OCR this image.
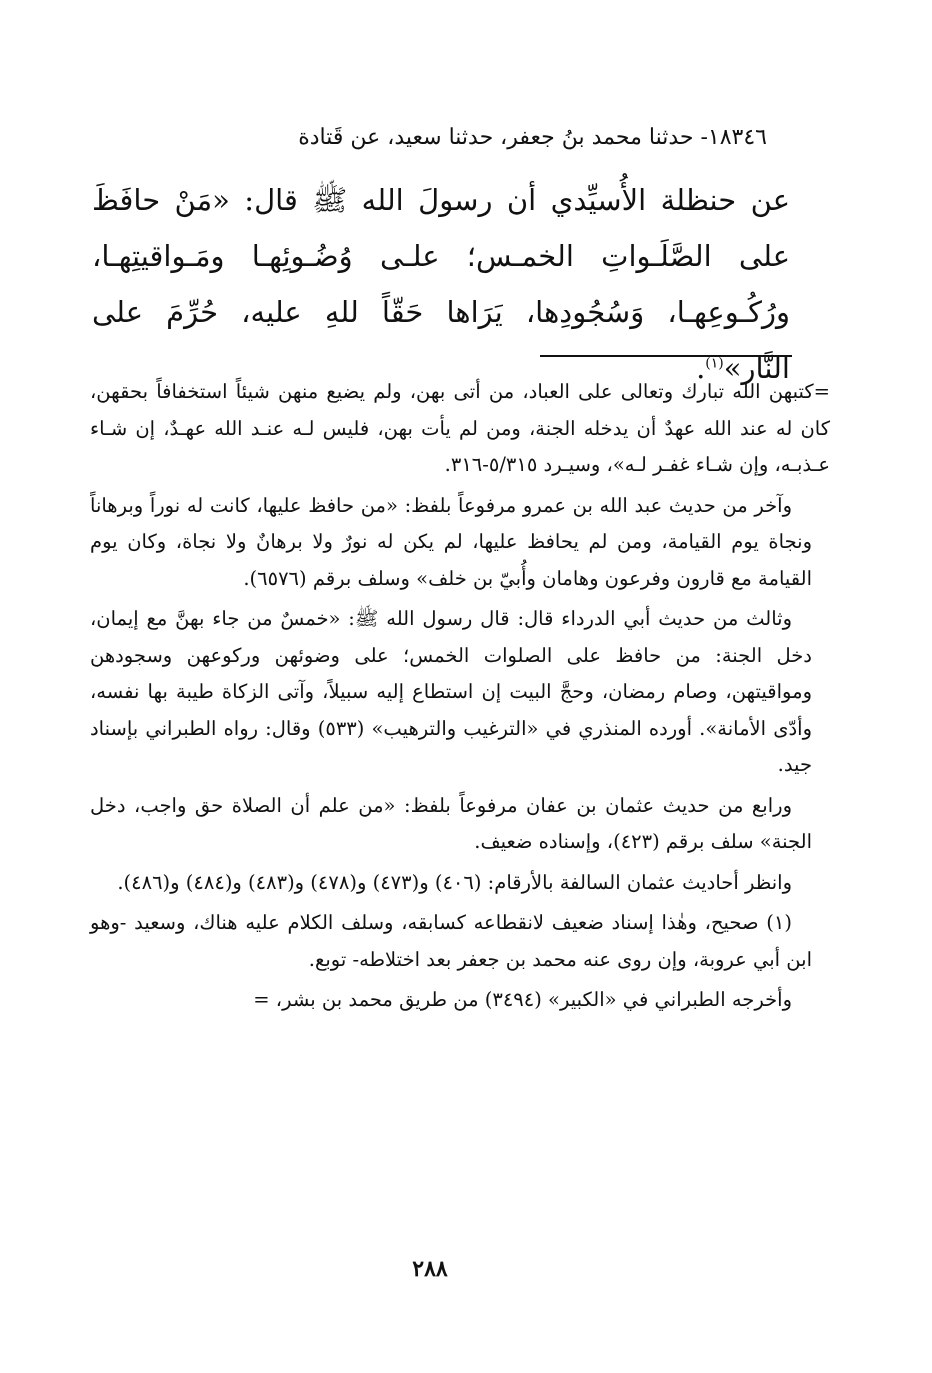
١٨٣٤٦- حدثنا محمد بنُ جعفر، حدثنا سعيد، عن قَتادة

عن حنظلة الأُسيِّدي أن رسولَ الله ﷺ قال: «مَنْ حافَظَ على الصَّلَـواتِ الخمـس؛ علـى وُضُـوئِهـا ومَـواقيتِهـا، ورُكُـوعِهـا، وَسُجُودِها، يَرَاها حَقّاً للهِ عليه، حُرِّمَ على النَّار»$^{(١)}$.

=كتبهن الله تبارك وتعالى على العباد، من أتى بهن، ولم يضيع منهن شيئاً استخفافاً بحقهن، كان له عند الله عهدٌ أن يدخله الجنة، ومن لم يأت بهن، فليس لـه عنـد الله عهـدٌ، إن شـاء عـذبـه، وإن شـاء غفـر لـه»، وسيـرد ٥/٣١٥-٣١٦.

وآخر من حديث عبد الله بن عمرو مرفوعاً بلفظ: «من حافظ عليها، كانت له نوراً وبرهاناً ونجاة يوم القيامة، ومن لم يحافظ عليها، لم يكن له نورٌ ولا برهانٌ ولا نجاة، وكان يوم القيامة مع قارون وفرعون وهامان وأُبيّ بن خلف» وسلف برقم (٦٥٧٦).

وثالث من حديث أبي الدرداء قال: قال رسول الله ﷺ: «خمسٌ من جاء بهنَّ مع إيمان، دخل الجنة: من حافظ على الصلوات الخمس؛ على وضوئهن وركوعهن وسجودهن ومواقيتهن، وصام رمضان، وحجَّ البيت إن استطاع إليه سبيلاً، وآتى الزكاة طيبة بها نفسه، وأدّى الأمانة». أورده المنذري في «الترغيب والترهيب» (٥٣٣) وقال: رواه الطبراني بإسناد جيد.

ورابع من حديث عثمان بن عفان مرفوعاً بلفظ: «من علم أن الصلاة حق واجب، دخل الجنة» سلف برقم (٤٢٣)، وإسناده ضعيف.

وانظر أحاديث عثمان السالفة بالأرقام: (٤٠٦) و(٤٧٣) و(٤٧٨) و(٤٨٣) و(٤٨٤) و(٤٨٦).

(١) صحيح، وهٰذا إسناد ضعيف لانقطاعه كسابقه، وسلف الكلام عليه هناك، وسعيد -وهو ابن أبي عروبة، وإن روى عنه محمد بن جعفر بعد اختلاطه- توبع.

وأخرجه الطبراني في «الكبير» (٣٤٩٤) من طريق محمد بن بشر، =

٢٨٨
